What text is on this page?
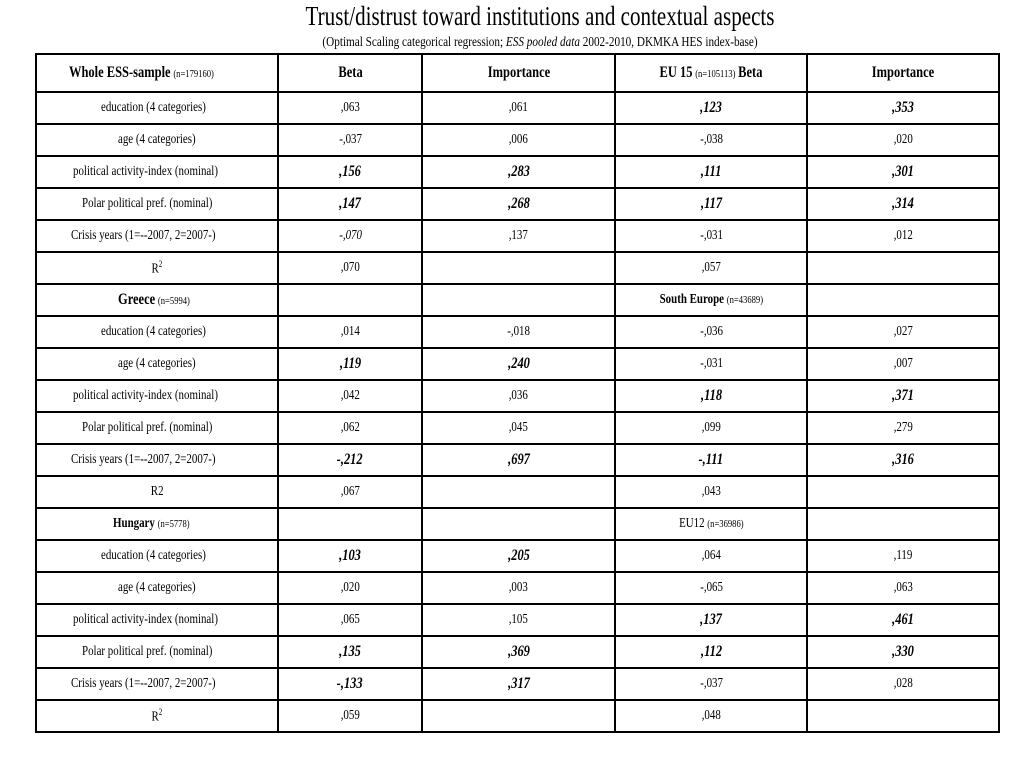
Trust/distrust toward institutions and contextual aspects
(Optimal Scaling categorical regression; ESS pooled data 2002-2010, DKMKA HES index-base)
Whole ESS-sample (n=179160)	Beta	Importance	EU 15 (n=105113) Beta	Importance
education (4 categories)	,063	,061	,123	,353
age (4 categories)	-,037	,006	-,038	,020
political activity-index (nominal)	,156	,283	,111	,301
Polar political pref. (nominal)	,147	,268	,117	,314
Crisis years (1=--2007, 2=2007-)	-,070	,137	-,031	,012
$R^2$	,070		,057	
Greece (n=5994)			South Europe (n=43689)	
education (4 categories)	,014	-,018	-,036	,027
age (4 categories)	,119	,240	-,031	,007
political activity-index (nominal)	,042	,036	,118	,371
Polar political pref. (nominal)	,062	,045	,099	,279
Crisis years (1=--2007, 2=2007-)	-,212	,697	-,111	,316
R2	,067		,043	
Hungary (n=5778)			EU12 (n=36986)	
education (4 categories)	,103	,205	,064	,119
age (4 categories)	,020	,003	-,065	,063
political activity-index (nominal)	,065	,105	,137	,461
Polar political pref. (nominal)	,135	,369	,112	,330
Crisis years (1=--2007, 2=2007-)	-,133	,317	-,037	,028
$R^2$	,059		,048	
